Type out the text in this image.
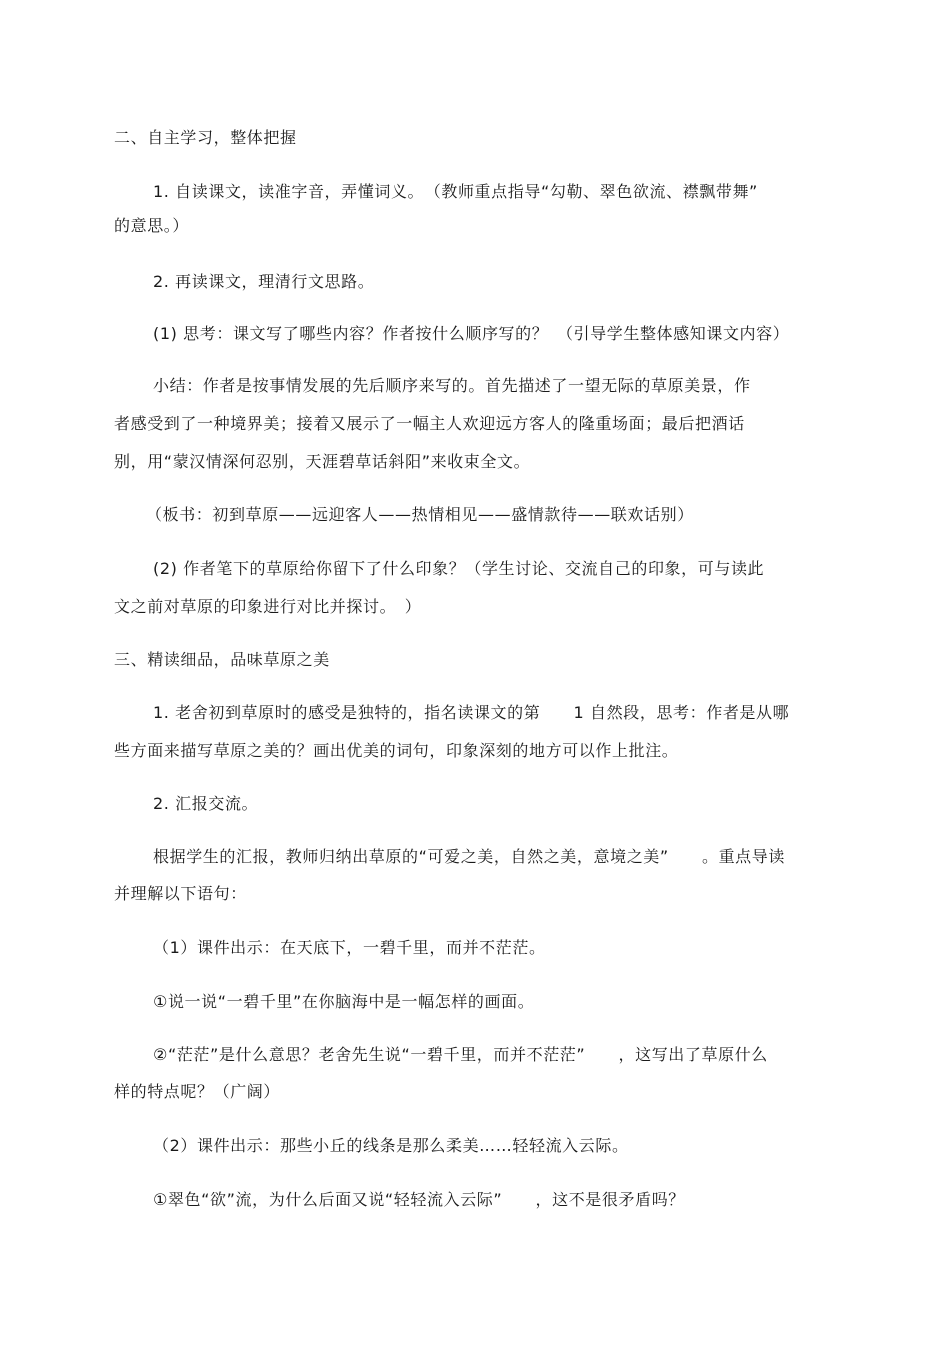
二、自主学习，整体把握
1. 自读课文，读准字音，弄懂词义。　（教师重点指导“勾勒、翠色欲流、襟飘带舞”
的意思。）
2. 再读课文，理清行文思路。
(1) 思考：课文写了哪些内容？作者按什么顺序写的？　（引导学生整体感知课文内容）
小结：作者是按事情发展的先后顺序来写的。首先描述了一望无际的草原美景，作
者感受到了一种境界美；接着又展示了一幅主人欢迎远方客人的隆重场面；最后把酒话
别，用“蒙汉情深何忍别，天涯碧草话斜阳”来收束全文。
（板书：初到草原——远迎客人——热情相见——盛情款待——联欢话别）
(2) 作者笔下的草原给你留下了什么印象？（学生讨论、交流自己的印象，可与读此
文之前对草原的印象进行对比并探讨。　）
三、精读细品，品味草原之美
1. 老舍初到草原时的感受是独特的，指名读课文的第　　1 自然段，思考：作者是从哪
些方面来描写草原之美的？画出优美的词句，印象深刻的地方可以作上批注。
2. 汇报交流。
根据学生的汇报，教师归纳出草原的“可爱之美，自然之美，意境之美”　　。重点导读
并理解以下语句：
（1）课件出示：在天底下，一碧千里，而并不茫茫。
①说一说“一碧千里”在你脑海中是一幅怎样的画面。
②“茫茫”是什么意思？老舍先生说“一碧千里，而并不茫茫”　　，这写出了草原什么
样的特点呢？（广阔）
（2）课件出示：那些小丘的线条是那么柔美……轻轻流入云际。
①翠色“欲”流，为什么后面又说“轻轻流入云际”　　，这不是很矛盾吗？
